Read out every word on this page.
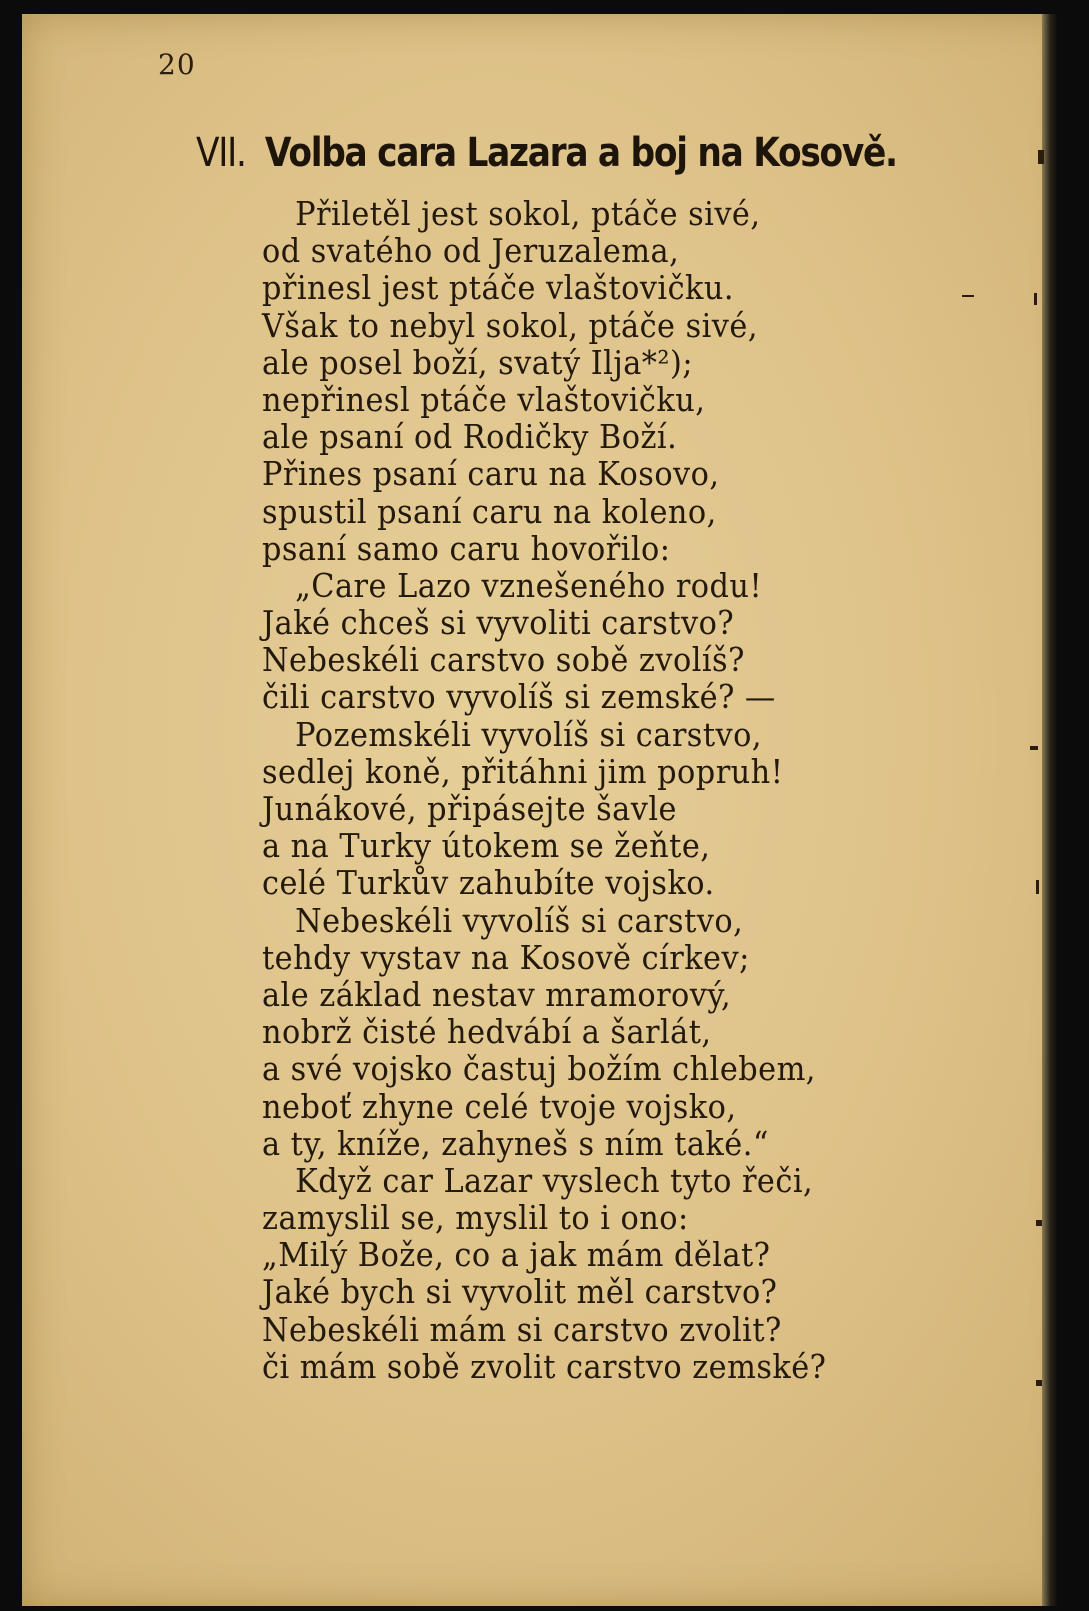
20
VII. Volba cara Lazara a boj na Kosově.
Přiletěl jest sokol, ptáče sivé,
od svatého od Jeruzalema,
přinesl jest ptáče vlaštovičku.
Však to nebyl sokol, ptáče sivé,
ale posel boží, svatý Ilja*²);
nepřinesl ptáče vlaštovičku,
ale psaní od Rodičky Boží.
Přines psaní caru na Kosovo,
spustil psaní caru na koleno,
psaní samo caru hovořilo:
„Care Lazo vznešeného rodu!
Jaké chceš si vyvoliti carstvo?
Nebeskéli carstvo sobě zvolíš?
čili carstvo vyvolíš si zemské? —
Pozemskéli vyvolíš si carstvo,
sedlej koně, přitáhni jim popruh!
Junákové, připásejte šavle
a na Turky útokem se žeňte,
celé Turkův zahubíte vojsko.
Nebeskéli vyvolíš si carstvo,
tehdy vystav na Kosově církev;
ale základ nestav mramorový,
nobrž čisté hedvábí a šarlát,
a své vojsko častuj božím chlebem,
neboť zhyne celé tvoje vojsko,
a ty, kníže, zahyneš s ním také.“
Když car Lazar vyslech tyto řeči,
zamyslil se, myslil to i ono:
„Milý Bože, co a jak mám dělat?
Jaké bych si vyvolit měl carstvo?
Nebeskéli mám si carstvo zvolit?
či mám sobě zvolit carstvo zemské?
